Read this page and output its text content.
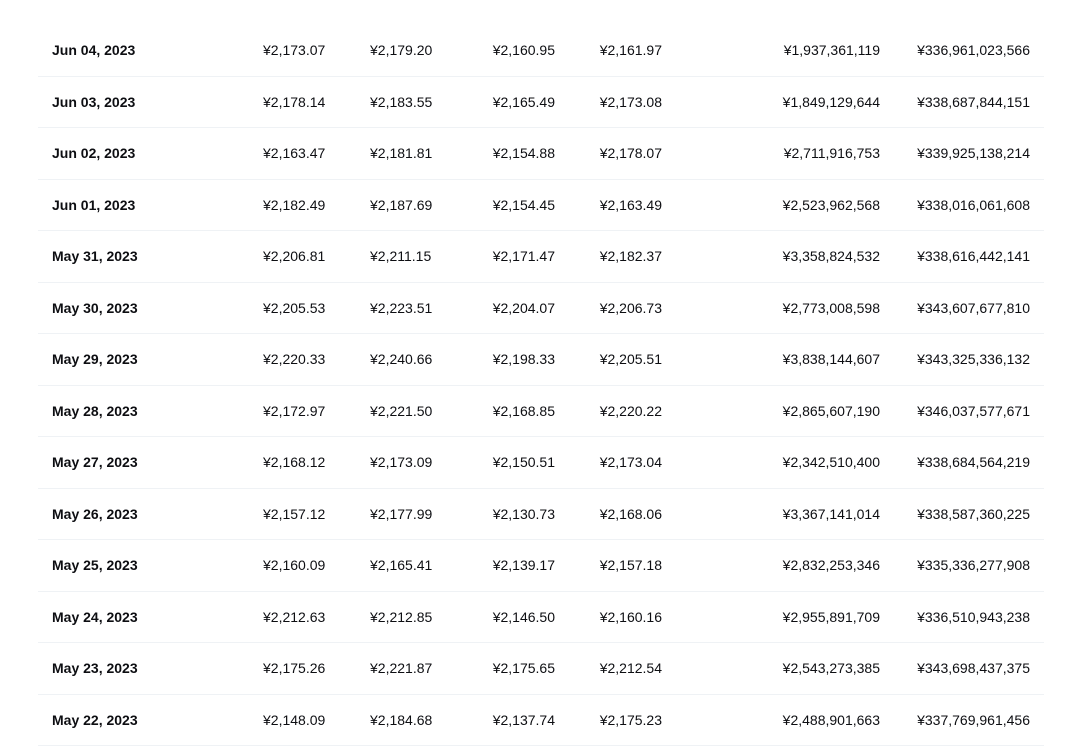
Jun 04, 2023	¥2,173.07	¥2,179.20	¥2,160.95	¥2,161.97	¥1,937,361,119	¥336,961,023,566
Jun 03, 2023	¥2,178.14	¥2,183.55	¥2,165.49	¥2,173.08	¥1,849,129,644	¥338,687,844,151
Jun 02, 2023	¥2,163.47	¥2,181.81	¥2,154.88	¥2,178.07	¥2,711,916,753	¥339,925,138,214
Jun 01, 2023	¥2,182.49	¥2,187.69	¥2,154.45	¥2,163.49	¥2,523,962,568	¥338,016,061,608
May 31, 2023	¥2,206.81	¥2,211.15	¥2,171.47	¥2,182.37	¥3,358,824,532	¥338,616,442,141
May 30, 2023	¥2,205.53	¥2,223.51	¥2,204.07	¥2,206.73	¥2,773,008,598	¥343,607,677,810
May 29, 2023	¥2,220.33	¥2,240.66	¥2,198.33	¥2,205.51	¥3,838,144,607	¥343,325,336,132
May 28, 2023	¥2,172.97	¥2,221.50	¥2,168.85	¥2,220.22	¥2,865,607,190	¥346,037,577,671
May 27, 2023	¥2,168.12	¥2,173.09	¥2,150.51	¥2,173.04	¥2,342,510,400	¥338,684,564,219
May 26, 2023	¥2,157.12	¥2,177.99	¥2,130.73	¥2,168.06	¥3,367,141,014	¥338,587,360,225
May 25, 2023	¥2,160.09	¥2,165.41	¥2,139.17	¥2,157.18	¥2,832,253,346	¥335,336,277,908
May 24, 2023	¥2,212.63	¥2,212.85	¥2,146.50	¥2,160.16	¥2,955,891,709	¥336,510,943,238
May 23, 2023	¥2,175.26	¥2,221.87	¥2,175.65	¥2,212.54	¥2,543,273,385	¥343,698,437,375
May 22, 2023	¥2,148.09	¥2,184.68	¥2,137.74	¥2,175.23	¥2,488,901,663	¥337,769,961,456
